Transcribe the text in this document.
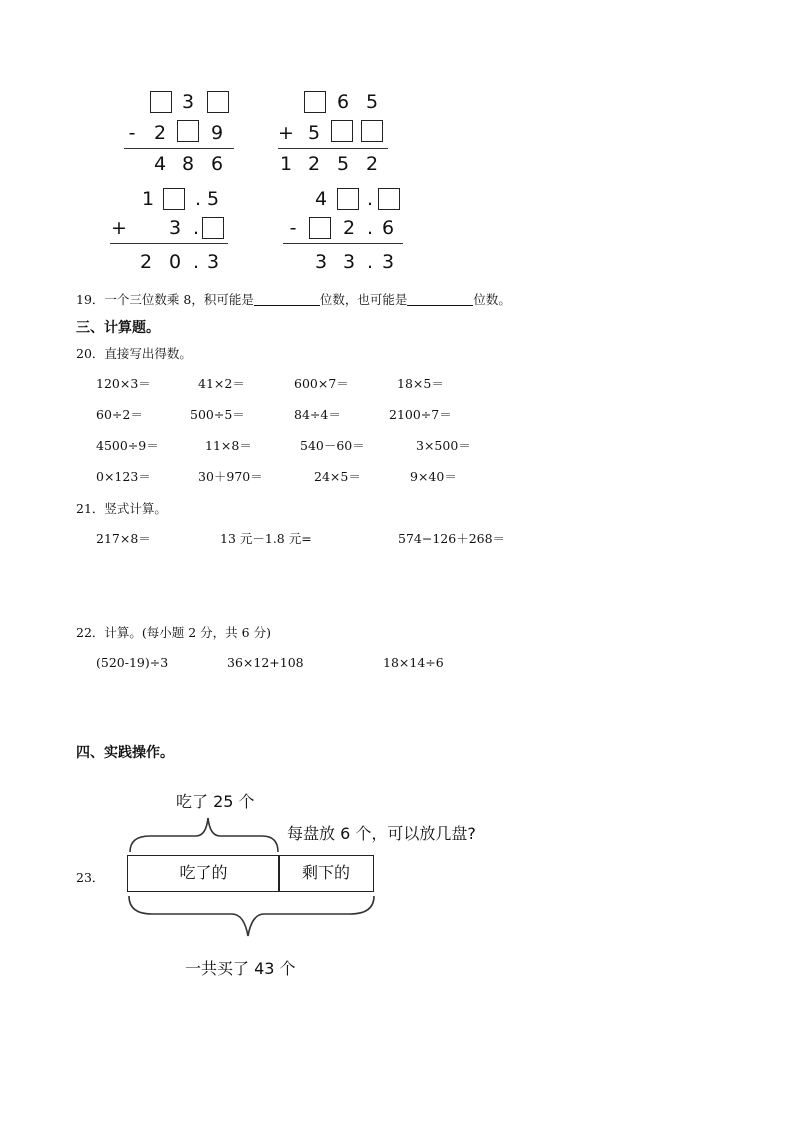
3
- 2	9
4 8 6
6 5
+ 5
1 2 5 2
1	. 5
+	3 .
2 0 . 3
4	.
-	2 . 6
3 3 . 3
19．一个三位数乘 8，积可能是	位数，也可能是	位数。
三、计算题。
20．直接写出得数。
120×3＝	41×2＝	600×7＝	18×5＝
60÷2＝	500÷5＝	84÷4＝	2100÷7＝
4500÷9＝	11×8＝	540－60＝	3×500＝
0×123＝	30＋970＝	24×5＝	9×40＝
21．竖式计算。
217×8＝	13 元－1.8 元=	574−126＋268＝
22．计算。(每小题 2 分，共 6 分)
(520-19)÷3	36×12+108	18×14÷6
四、实践操作。
23．
吃了 25 个
每盘放 6 个，可以放几盘?
吃了的	剩下的
一共买了 43 个
